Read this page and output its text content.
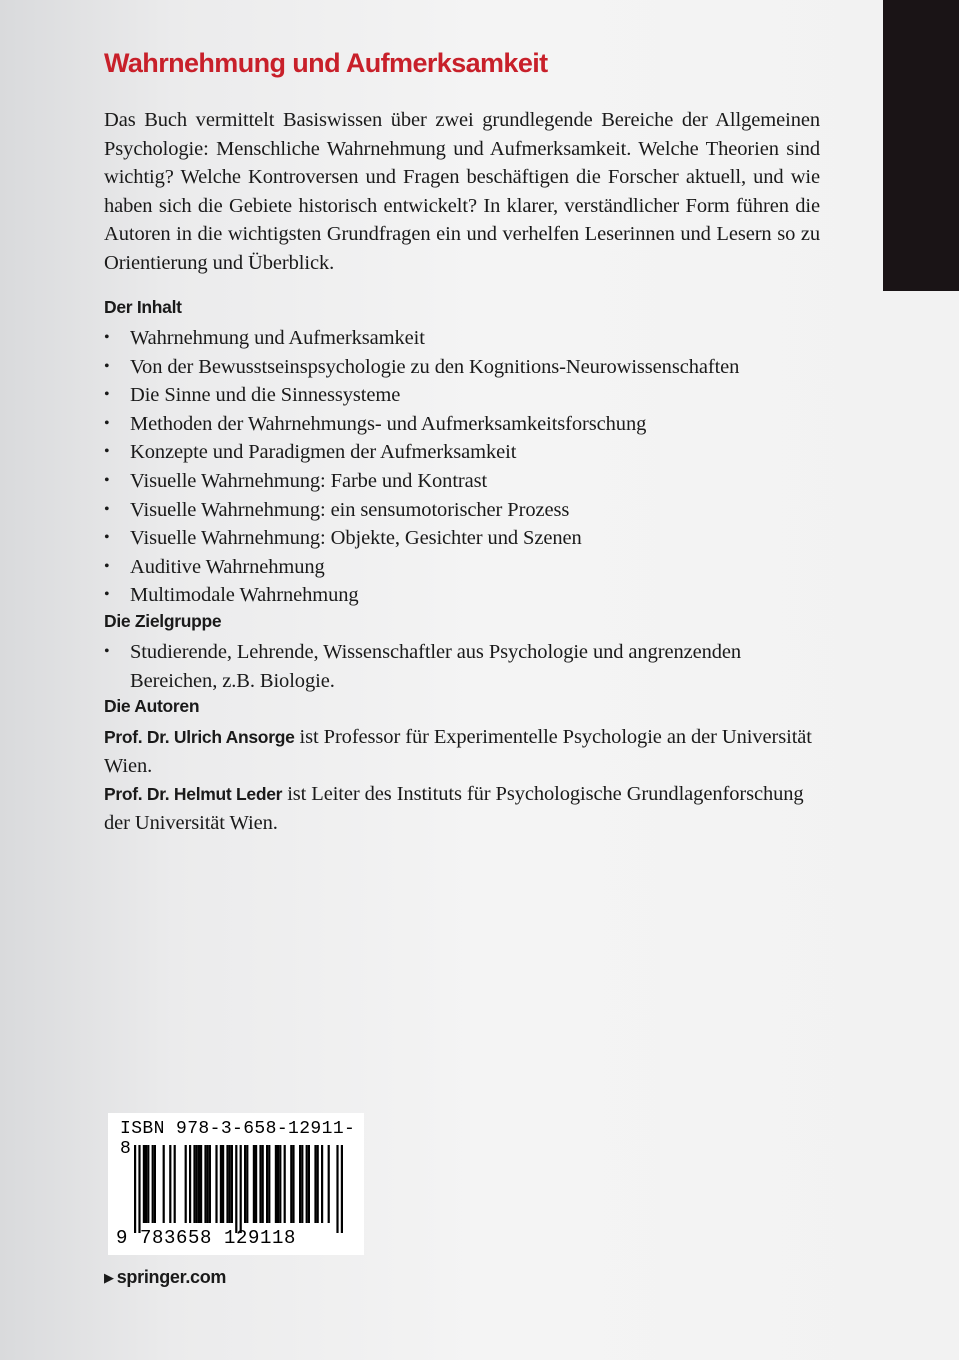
Wahrnehmung und Aufmerksamkeit

Das Buch vermittelt Basiswissen über zwei grundlegende Bereiche der Allgemeinen Psychologie: Menschliche Wahrnehmung und Aufmerksamkeit. Welche Theorien sind wichtig? Welche Kontroversen und Fragen beschäftigen die Forscher aktuell, und wie haben sich die Gebiete historisch entwickelt? In klarer, verständlicher Form führen die Autoren in die wichtigsten Grundfragen ein und verhelfen Leserinnen und Lesern so zu Orientierung und Überblick.

Der Inhalt
• Wahrnehmung und Aufmerksamkeit
• Von der Bewusstseinspsychologie zu den Kognitions-Neurowissenschaften
• Die Sinne und die Sinnessysteme
• Methoden der Wahrnehmungs- und Aufmerksamkeitsforschung
• Konzepte und Paradigmen der Aufmerksamkeit
• Visuelle Wahrnehmung: Farbe und Kontrast
• Visuelle Wahrnehmung: ein sensumotorischer Prozess
• Visuelle Wahrnehmung: Objekte, Gesichter und Szenen
• Auditive Wahrnehmung
• Multimodale Wahrnehmung
Die Zielgruppe
• Studierende, Lehrende, Wissenschaftler aus Psychologie und angrenzenden Bereichen, z.B. Biologie.
Die Autoren

Prof. Dr. Ulrich Ansorge ist Professor für Experimentelle Psychologie an der Universität Wien.

Prof. Dr. Helmut Leder ist Leiter des Instituts für Psychologische Grundlagenforschung der Universität Wien.

ISBN 978-3-658-12911-8
9 783658 129118
▶ springer.com
